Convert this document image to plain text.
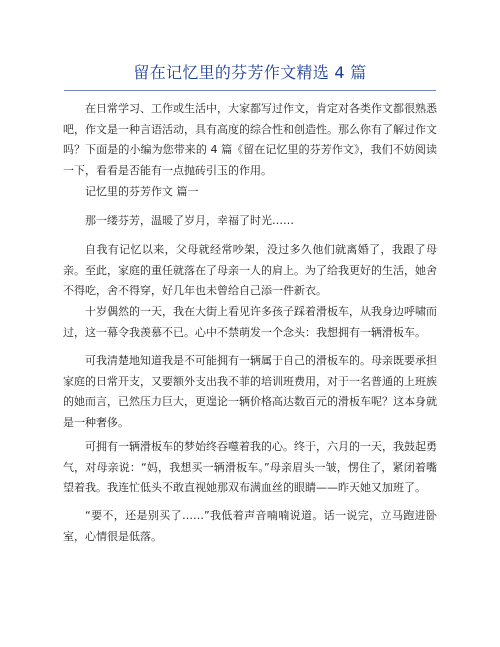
留在记忆里的芬芳作文精选 4 篇
在日常学习、工作或生活中，大家都写过作文，肯定对各类作文都很熟悉吧，作文是一种言语活动，具有高度的综合性和创造性。那么你有了解过作文吗？下面是的小编为您带来的 4 篇《留在记忆里的芬芳作文》，我们不妨阅读一下，看看是否能有一点抛砖引玉的作用。
记忆里的芬芳作文 篇一
那一缕芬芳，温暖了岁月，幸福了时光……
自我有记忆以来，父母就经常吵架，没过多久他们就离婚了，我跟了母亲。至此，家庭的重任就落在了母亲一人的肩上。为了给我更好的生活，她舍不得吃，舍不得穿，好几年也未曾给自己添一件新衣。
十岁偶然的一天，我在大街上看见许多孩子踩着滑板车，从我身边呼啸而过，这一幕令我羡慕不已。心中不禁萌发一个念头：我想拥有一辆滑板车。
可我清楚地知道我是不可能拥有一辆属于自己的滑板车的。母亲既要承担家庭的日常开支，又要额外支出我不菲的培训班费用，对于一名普通的上班族的她而言，已然压力巨大，更遑论一辆价格高达数百元的滑板车呢？这本身就是一种奢侈。
可拥有一辆滑板车的梦始终吞噬着我的心。终于，六月的一天，我鼓起勇气，对母亲说：“妈，我想买一辆滑板车。”母亲眉头一皱，愣住了，紧闭着嘴望着我。我连忙低头不敢直视她那双布满血丝的眼睛——昨天她又加班了。
“要不，还是别买了……”我低着声音喃喃说道。话一说完，立马跑进卧室，心情很是低落。
